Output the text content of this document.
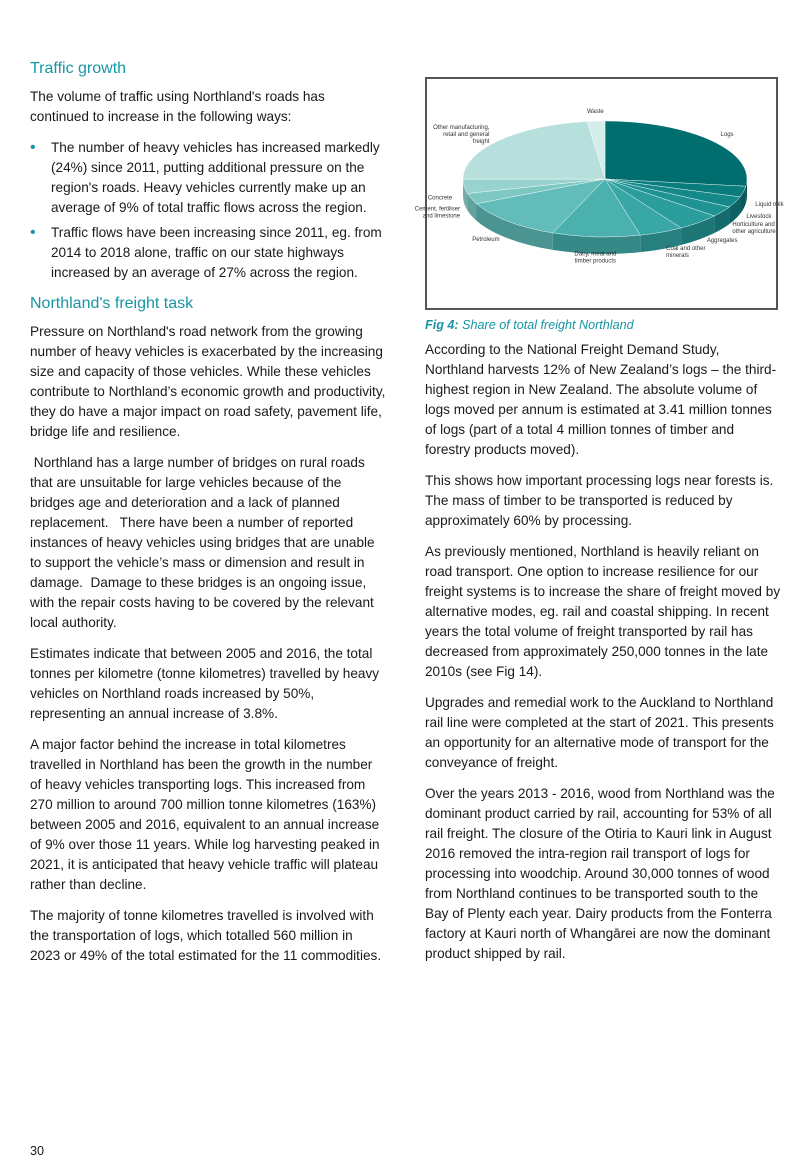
Traffic growth

The volume of traffic using Northland's roads has continued to increase in the following ways:

• The number of heavy vehicles has increased markedly (24%) since 2011, putting additional pressure on the region's roads. Heavy vehicles currently make up an average of 9% of total traffic flows across the region.
• Traffic flows have been increasing since 2011, eg. from 2014 to 2018 alone, traffic on our state highways increased by an average of 27% across the region.
Northland's freight task

Pressure on Northland's road network from the growing number of heavy vehicles is exacerbated by the increasing size and capacity of those vehicles. While these vehicles contribute to Northland’s economic growth and productivity, they do have a major impact on road safety, pavement life, bridge life and resilience.

Northland has a large number of bridges on rural roads that are unsuitable for large vehicles because of the bridges age and deterioration and a lack of planned replacement.   There have been a number of reported instances of heavy vehicles using bridges that are unable to support the vehicle’s mass or dimension and result in damage.  Damage to these bridges is an ongoing issue, with the repair costs having to be covered by the relevant local authority.

Estimates indicate that between 2005 and 2016, the total tonnes per kilometre (tonne kilometres) travelled by heavy vehicles on Northland roads increased by 50%, representing an annual increase of 3.8%.

A major factor behind the increase in total kilometres travelled in Northland has been the growth in the number of heavy vehicles transporting logs. This increased from 270 million to around 700 million tonne kilometres (163%) between 2005 and 2016, equivalent to an annual increase of 9% over those 11 years. While log harvesting peaked in 2021, it is anticipated that heavy vehicle traffic will plateau rather than decline.

The majority of tonne kilometres travelled is involved with the transportation of logs, which totalled 560 million in 2023 or 49% of the total estimated for the 11 commodities.

Logs
Liquid milk
Livestock
Horticulture and other agriculture
Aggregates
Coal and other minerals
Dairy, meat and timber products
Petroleum
Cement, fertiliser and limestone
Concrete
Other manufacturing, retail and general freight
Waste
Fig 4: Share of total freight Northland

According to the National Freight Demand Study, Northland harvests 12% of New Zealand’s logs – the third-highest region in New Zealand. The absolute volume of logs moved per annum is estimated at 3.41 million tonnes of logs (part of a total 4 million tonnes of timber and forestry products moved).

This shows how important processing logs near forests is. The mass of timber to be transported is reduced by approximately 60% by processing.

As previously mentioned, Northland is heavily reliant on road transport. One option to increase resilience for our freight systems is to increase the share of freight moved by alternative modes, eg. rail and coastal shipping. In recent years the total volume of freight transported by rail has decreased from approximately 250,000 tonnes in the late 2010s (see Fig 14).

Upgrades and remedial work to the Auckland to Northland rail line were completed at the start of 2021. This presents an opportunity for an alternative mode of transport for the conveyance of freight.

Over the years 2013 - 2016, wood from Northland was the dominant product carried by rail, accounting for 53% of all rail freight. The closure of the Otiria to Kauri link in August 2016 removed the intra-region rail transport of logs for processing into woodchip. Around 30,000 tonnes of wood from Northland continues to be transported south to the Bay of Plenty each year. Dairy products from the Fonterra factory at Kauri north of Whangārei are now the dominant product shipped by rail.

30
